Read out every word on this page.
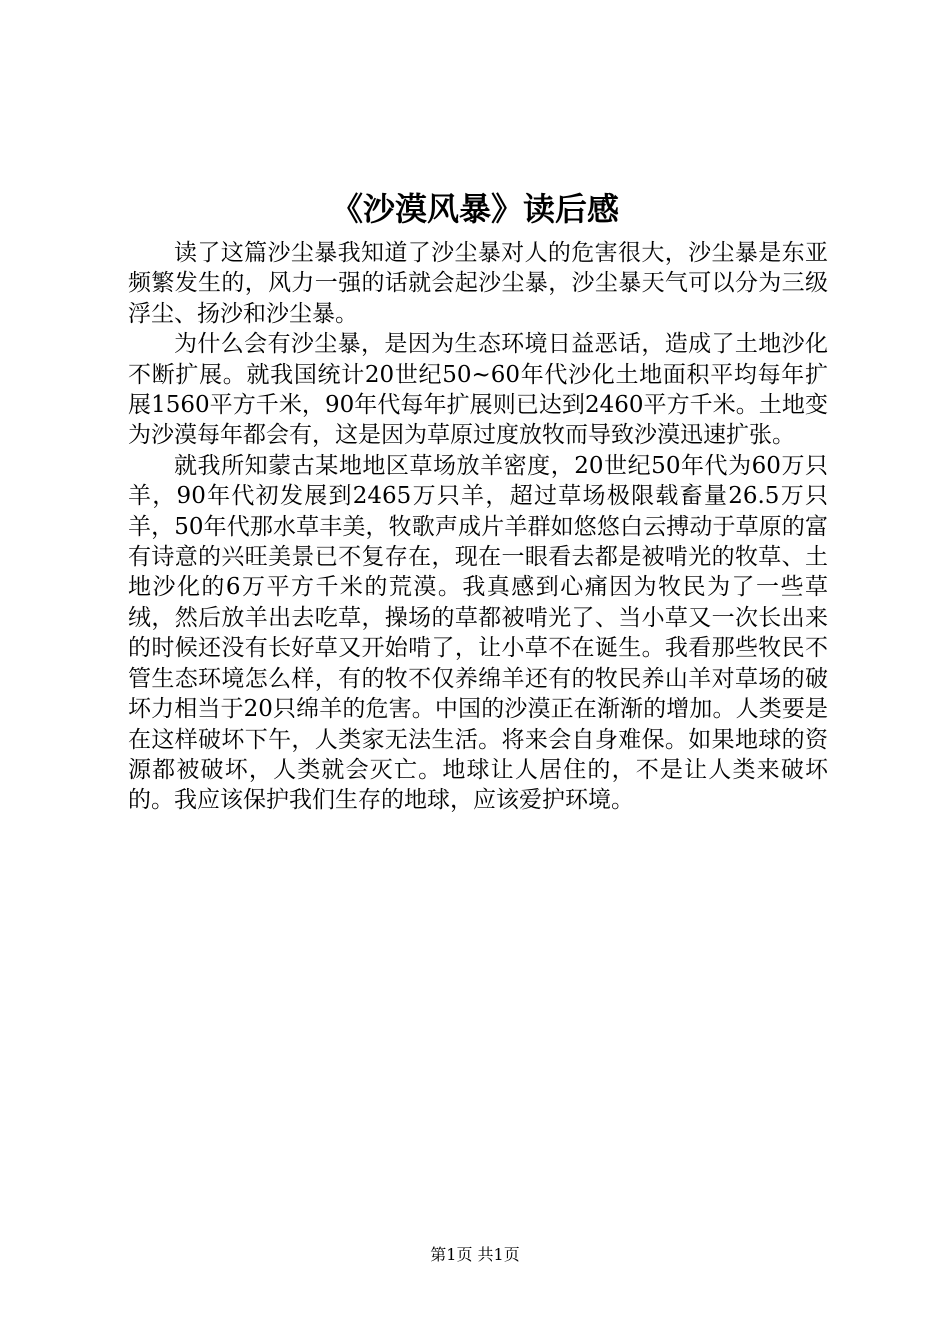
《沙漠风暴》读后感

读了这篇沙尘暴我知道了沙尘暴对人的危害很大，沙尘暴是东亚频繁发生的，风力一强的话就会起沙尘暴，沙尘暴天气可以分为三级浮尘、扬沙和沙尘暴。

为什么会有沙尘暴，是因为生态环境日益恶话，造成了土地沙化不断扩展。就我国统计20世纪50~60年代沙化土地面积平均每年扩展1560平方千米，90年代每年扩展则已达到2460平方千米。土地变为沙漠每年都会有，这是因为草原过度放牧而导致沙漠迅速扩张。

就我所知蒙古某地地区草场放羊密度，20世纪50年代为60万只羊，90年代初发展到2465万只羊，超过草场极限载畜量26.5万只羊，50年代那水草丰美，牧歌声成片羊群如悠悠白云搏动于草原的富有诗意的兴旺美景已不复存在，现在一眼看去都是被啃光的牧草、土地沙化的6万平方千米的荒漠。我真感到心痛因为牧民为了一些草绒，然后放羊出去吃草，操场的草都被啃光了、当小草又一次长出来的时候还没有长好草又开始啃了，让小草不在诞生。我看那些牧民不管生态环境怎么样，有的牧不仅养绵羊还有的牧民养山羊对草场的破坏力相当于20只绵羊的危害。中国的沙漠正在渐渐的增加。人类要是在这样破坏下午，人类家无法生活。将来会自身难保。如果地球的资源都被破坏，人类就会灭亡。地球让人居住的，不是让人类来破坏的。我应该保护我们生存的地球，应该爱护环境。

第1页 共1页
